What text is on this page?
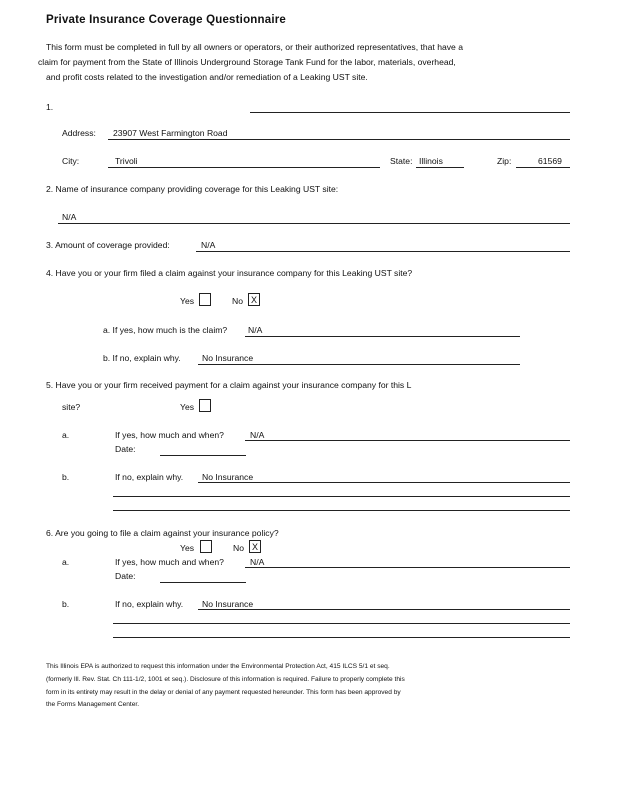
Private Insurance Coverage Questionnaire
This form must be completed in full by all owners or operators, or their authorized representatives, that have a
claim for payment from the State of Illinois Underground Storage Tank Fund for the labor, materials, overhead,
and profit costs related to the investigation and/or remediation of a Leaking UST site.
1.
Address: 23907 West Farmington Road
City:	Trivoli	State: Illinois	Zip:	61569
2. Name of insurance company providing coverage for this Leaking UST site:
N/A
3. Amount of coverage provided:	N/A
4. Have you or your firm filed a claim against your insurance company for this Leaking UST site?
Yes	No X
a. If yes, how much is the claim? N/A
b. If no, explain why. No Insurance
5. Have you or your firm received payment for a claim against your insurance company for this L
site?	Yes
a.	If yes, how much and when?	N/A
Date:
b.	If no, explain why. No Insurance
6. Are you going to file a claim against your insurance policy?
Yes	No X
a.	If yes, how much and when?	N/A
Date:
b.	If no, explain why. No Insurance
This Illinois EPA is authorized to request this information under the Environmental Protection Act, 415 ILCS 5/1 et seq.
(formerly Ill. Rev. Stat. Ch 111-1/2, 1001 et seq.). Disclosure of this information is required. Failure to properly complete this
form in its entirety may result in the delay or denial of any payment requested hereunder. This form has been approved by
the Forms Management Center.
